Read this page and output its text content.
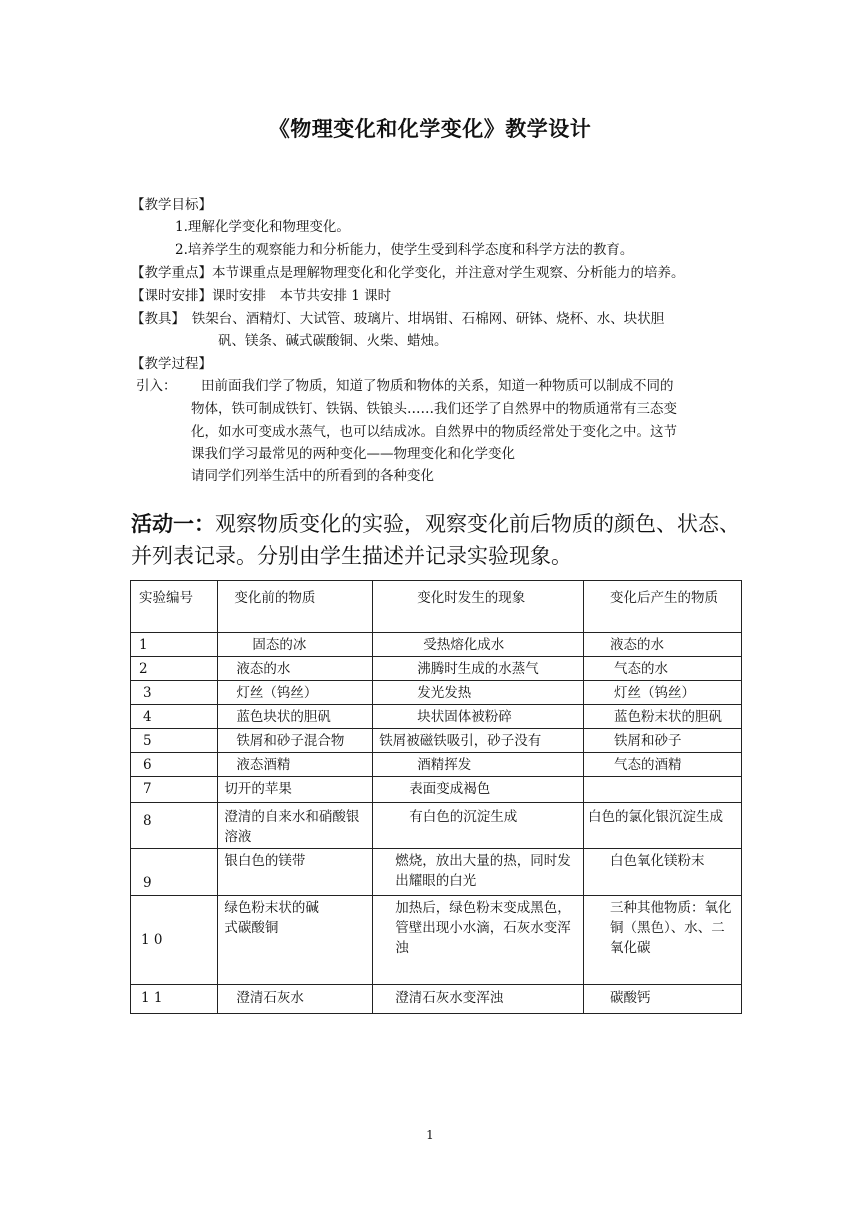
《物理变化和化学变化》教学设计
【教学目标】
1.理解化学变化和物理变化。
2.培养学生的观察能力和分析能力，使学生受到科学态度和科学方法的教育。
【教学重点】本节课重点是理解物理变化和化学变化，并注意对学生观察、分析能力的培养。
【课时安排】课时安排　本节共安排 1 课时
【教具】　铁架台、酒精灯、大试管、玻璃片、坩埚钳、石棉网、研钵、烧杯、水、块状胆
矾、镁条、碱式碳酸铜、火柴、蜡烛。
【教学过程】
引入： 田前面我们学了物质，知道了物质和物体的关系，知道一种物质可以制成不同的
物体，铁可制成铁钉、铁锅、铁锒头……我们还学了自然界中的物质通常有三态变
化，如水可变成水蒸气，也可以结成冰。自然界中的物质经常处于变化之中。这节
课我们学习最常见的两种变化——物理变化和化学变化
请同学们列举生活中的所看到的各种变化
活动一：观察物质变化的实验，观察变化前后物质的颜色、状态、并列表记录。分别由学生描述并记录实验现象。
实验编号	变化前的物质	变化时发生的现象	变化后产生的物质
1	固态的冰	受热熔化成水	液态的水
2	液态的水	沸腾时生成的水蒸气	气态的水
3	灯丝（钨丝）	发光发热	灯丝（钨丝）
4	蓝色块状的胆矾	块状固体被粉碎	蓝色粉末状的胆矾
5	铁屑和砂子混合物	铁屑被磁铁吸引，砂子没有	铁屑和砂子
6	液态酒精	酒精挥发	气态的酒精
7	切开的苹果	表面变成褐色	
8	澄清的自来水和硝酸银溶液	有白色的沉淀生成	白色的氯化银沉淀生成
9	银白色的镁带	燃烧，放出大量的热，同时发出耀眼的白光	白色氧化镁粉末
1 0	绿色粉末状的碱式碳酸铜	加热后，绿色粉末变成黑色，管壁出现小水滴，石灰水变浑浊	三种其他物质：氧化铜（黑色）、水、二氧化碳
1 1	澄清石灰水	澄清石灰水变浑浊	碳酸钙
1
